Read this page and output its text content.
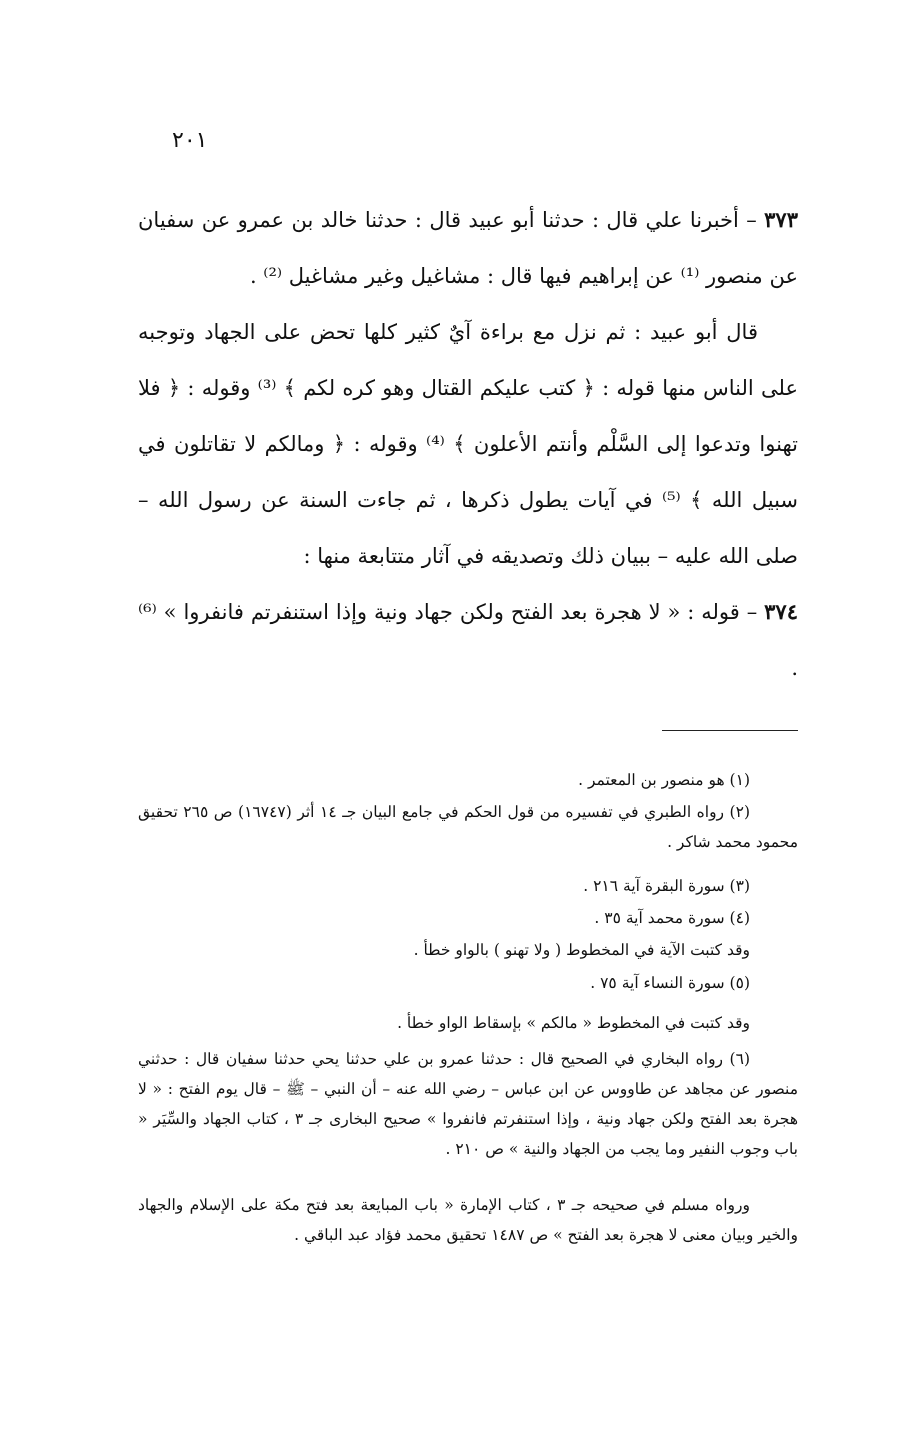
٢٠١
٣٧٣ – أخبرنا علي قال : حدثنا أبو عبيد قال : حدثنا خالد بن عمرو عن سفيان عن منصور ⁽¹⁾ عن إبراهيم فيها قال : مشاغيل وغير مشاغيل ⁽²⁾ .
قال أبو عبيد : ثم نزل مع براءة آيٌ كثير كلها تحض على الجهاد وتوجبه على الناس منها قوله : ﴿ كتب عليكم القتال وهو كره لكم ﴾ ⁽³⁾ وقوله : ﴿ فلا تهنوا وتدعوا إلى السَّلْم وأنتم الأعلون ﴾ ⁽⁴⁾ وقوله : ﴿ ومالكم لا تقاتلون في سبيل الله ﴾ ⁽⁵⁾ في آيات يطول ذكرها ، ثم جاءت السنة عن رسول الله – صلى الله عليه – ببيان ذلك وتصديقه في آثار متتابعة منها :
٣٧٤ – قوله : « لا هجرة بعد الفتح ولكن جهاد ونية وإذا استنفرتم فانفروا » ⁽⁶⁾ .
(١) هو منصور بن المعتمر .
(٢) رواه الطبري في تفسيره من قول الحكم في جامع البيان جـ ١٤ أثر (١٦٧٤٧) ص ٢٦٥ تحقيق محمود محمد شاكر .
(٣) سورة البقرة آية ٢١٦ .
(٤) سورة محمد آية ٣٥ .
وقد كتبت الآية في المخطوط ( ولا تهنو ) بالواو خطأ .
(٥) سورة النساء آية ٧٥ .
وقد كتبت في المخطوط « مالكم » بإسقاط الواو خطأ .
(٦) رواه البخاري في الصحيح قال : حدثنا عمرو بن علي حدثنا يحي حدثنا سفيان قال : حدثني منصور عن مجاهد عن طاووس عن ابن عباس – رضي الله عنه – أن النبي – ﷺ – قال يوم الفتح : « لا هجرة بعد الفتح ولكن جهاد ونية ، وإذا استنفرتم فانفروا » صحيح البخارى جـ ٣ ، كتاب الجهاد والسِّيَر « باب وجوب النفير وما يجب من الجهاد والنية » ص ٢١٠ .
ورواه مسلم في صحيحه جـ ٣ ، كتاب الإمارة « باب المبايعة بعد فتح مكة على الإسلام والجهاد والخير وبيان معنى لا هجرة بعد الفتح » ص ١٤٨٧ تحقيق محمد فؤاد عبد الباقي .
